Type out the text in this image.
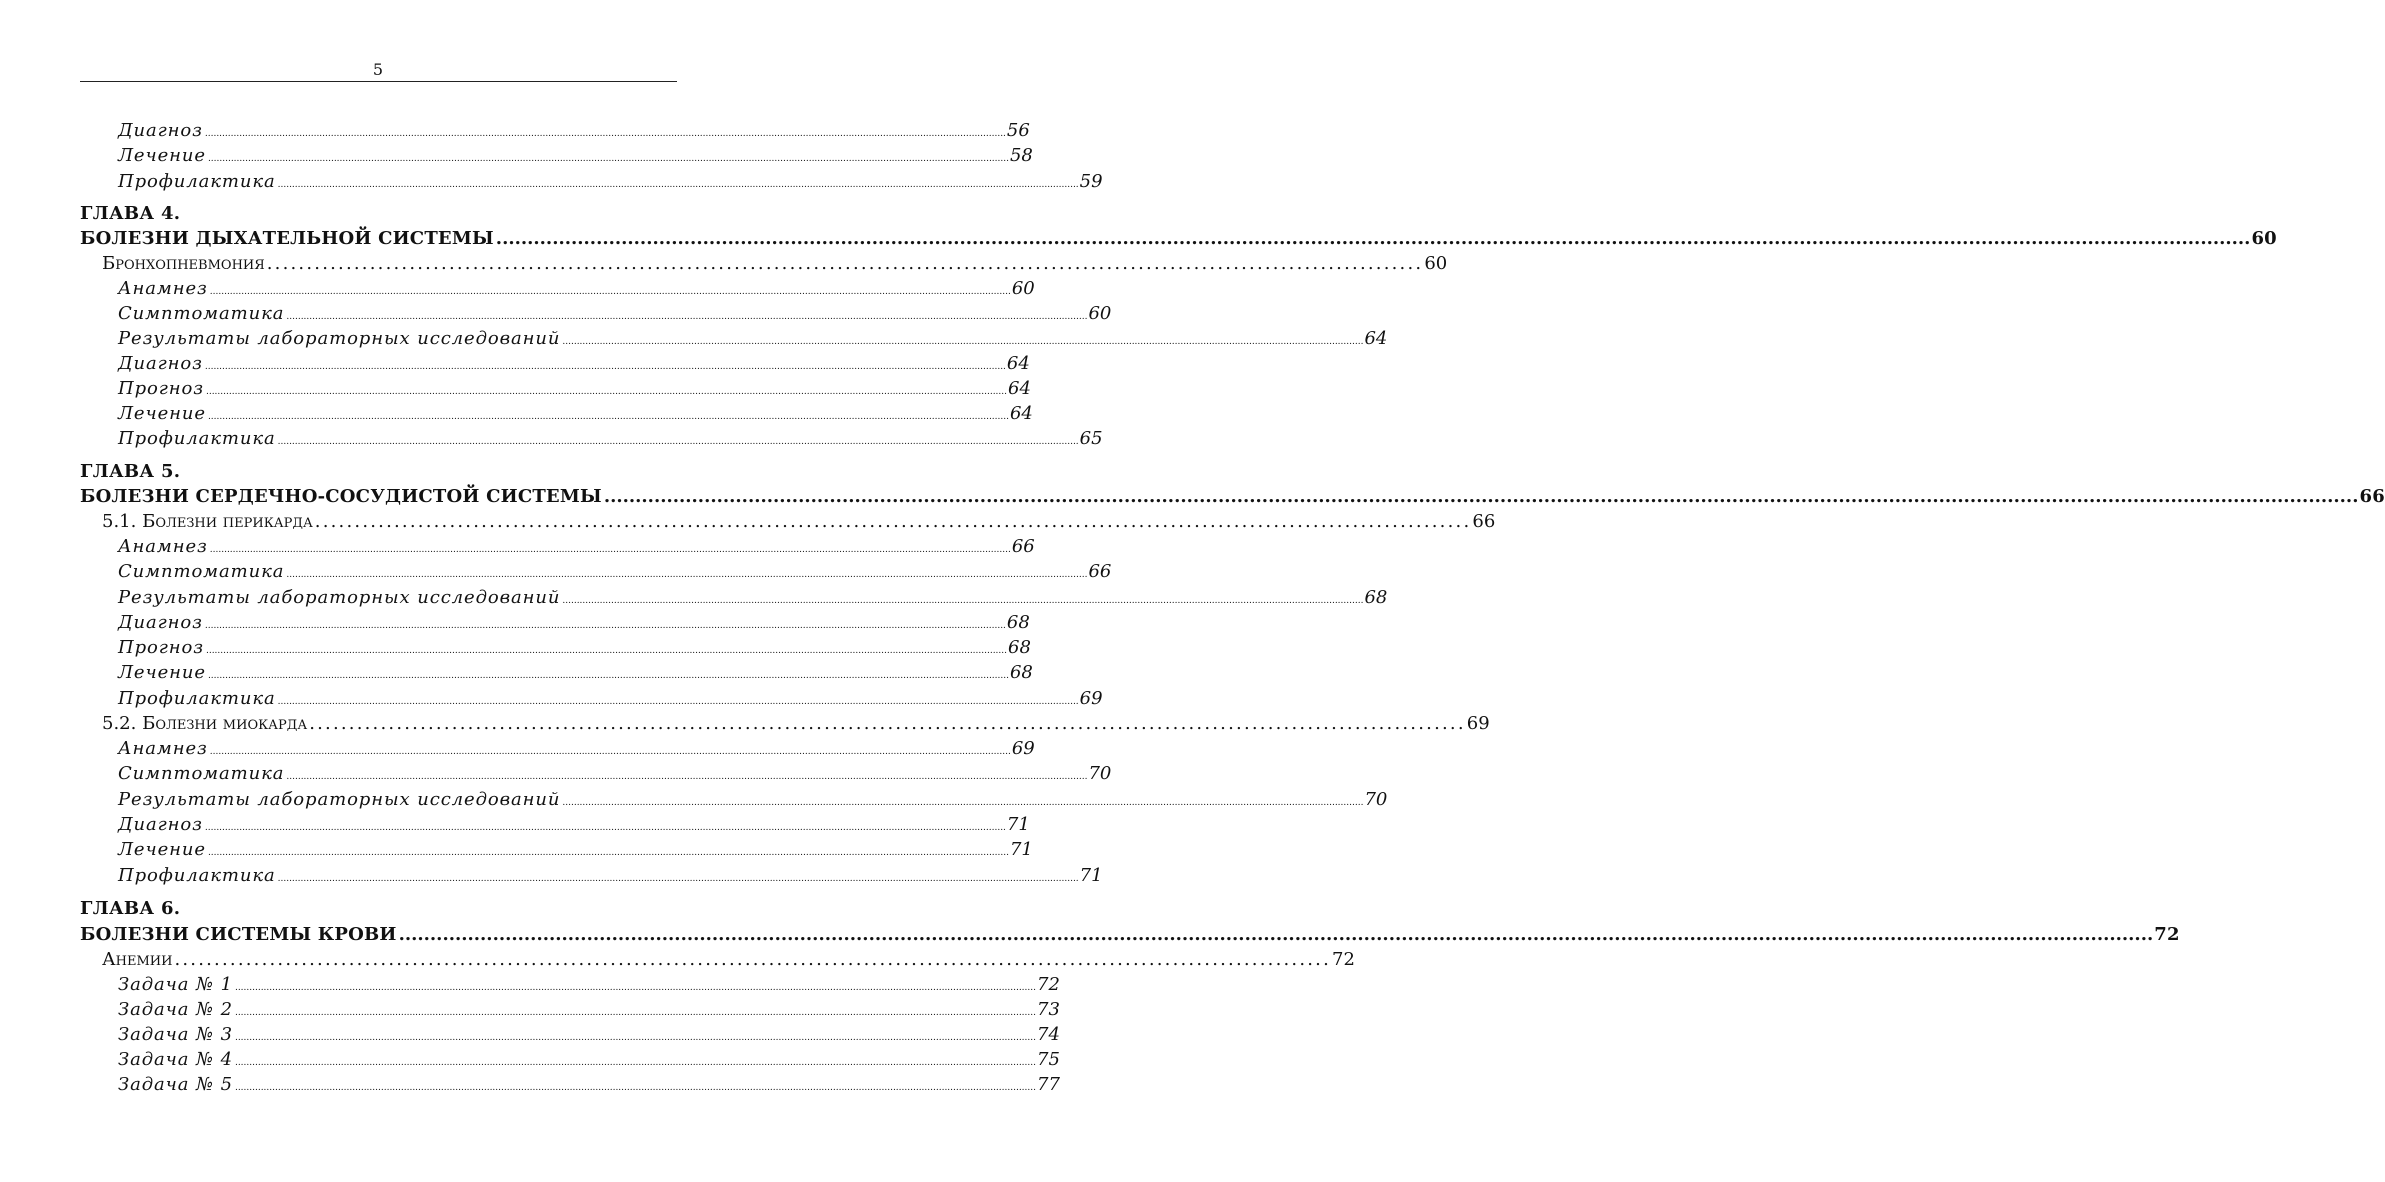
5
Диагноз ........................................................................................................................................................................................................................................................................................ 56
Лечение ........................................................................................................................................................................................................................................................................................ 58
Профилактика ........................................................................................................................................................................................................................................................................................ 59
ГЛАВА 4.
БОЛЕЗНИ ДЫХАТЕЛЬНОЙ СИСТЕМЫ ........................................................................................................................................................................................................................................................................................ 60
Бронхопневмония .................................................................................................................................................. 60
Анамнез ........................................................................................................................................................................................................................................................................................ 60
Симптоматика ........................................................................................................................................................................................................................................................................................ 60
Результаты лабораторных исследований ........................................................................................................................................................................................................................................................................................ 64
Диагноз ........................................................................................................................................................................................................................................................................................ 64
Прогноз ........................................................................................................................................................................................................................................................................................ 64
Лечение ........................................................................................................................................................................................................................................................................................ 64
Профилактика ........................................................................................................................................................................................................................................................................................ 65
ГЛАВА 5.
БОЛЕЗНИ СЕРДЕЧНО-СОСУДИСТОЙ СИСТЕМЫ ........................................................................................................................................................................................................................................................................................ 66
5.1. Болезни перикарда .................................................................................................................................................. 66
Анамнез ........................................................................................................................................................................................................................................................................................ 66
Симптоматика ........................................................................................................................................................................................................................................................................................ 66
Результаты лабораторных исследований ........................................................................................................................................................................................................................................................................................ 68
Диагноз ........................................................................................................................................................................................................................................................................................ 68
Прогноз ........................................................................................................................................................................................................................................................................................ 68
Лечение ........................................................................................................................................................................................................................................................................................ 68
Профилактика ........................................................................................................................................................................................................................................................................................ 69
5.2. Болезни миокарда .................................................................................................................................................. 69
Анамнез ........................................................................................................................................................................................................................................................................................ 69
Симптоматика ........................................................................................................................................................................................................................................................................................ 70
Результаты лабораторных исследований ........................................................................................................................................................................................................................................................................................ 70
Диагноз ........................................................................................................................................................................................................................................................................................ 71
Лечение ........................................................................................................................................................................................................................................................................................ 71
Профилактика ........................................................................................................................................................................................................................................................................................ 71
ГЛАВА 6.
БОЛЕЗНИ СИСТЕМЫ КРОВИ ........................................................................................................................................................................................................................................................................................ 72
Анемии .................................................................................................................................................. 72
Задача № 1 ........................................................................................................................................................................................................................................................................................ 72
Задача № 2 ........................................................................................................................................................................................................................................................................................ 73
Задача № 3 ........................................................................................................................................................................................................................................................................................ 74
Задача № 4 ........................................................................................................................................................................................................................................................................................ 75
Задача № 5 ........................................................................................................................................................................................................................................................................................ 77
